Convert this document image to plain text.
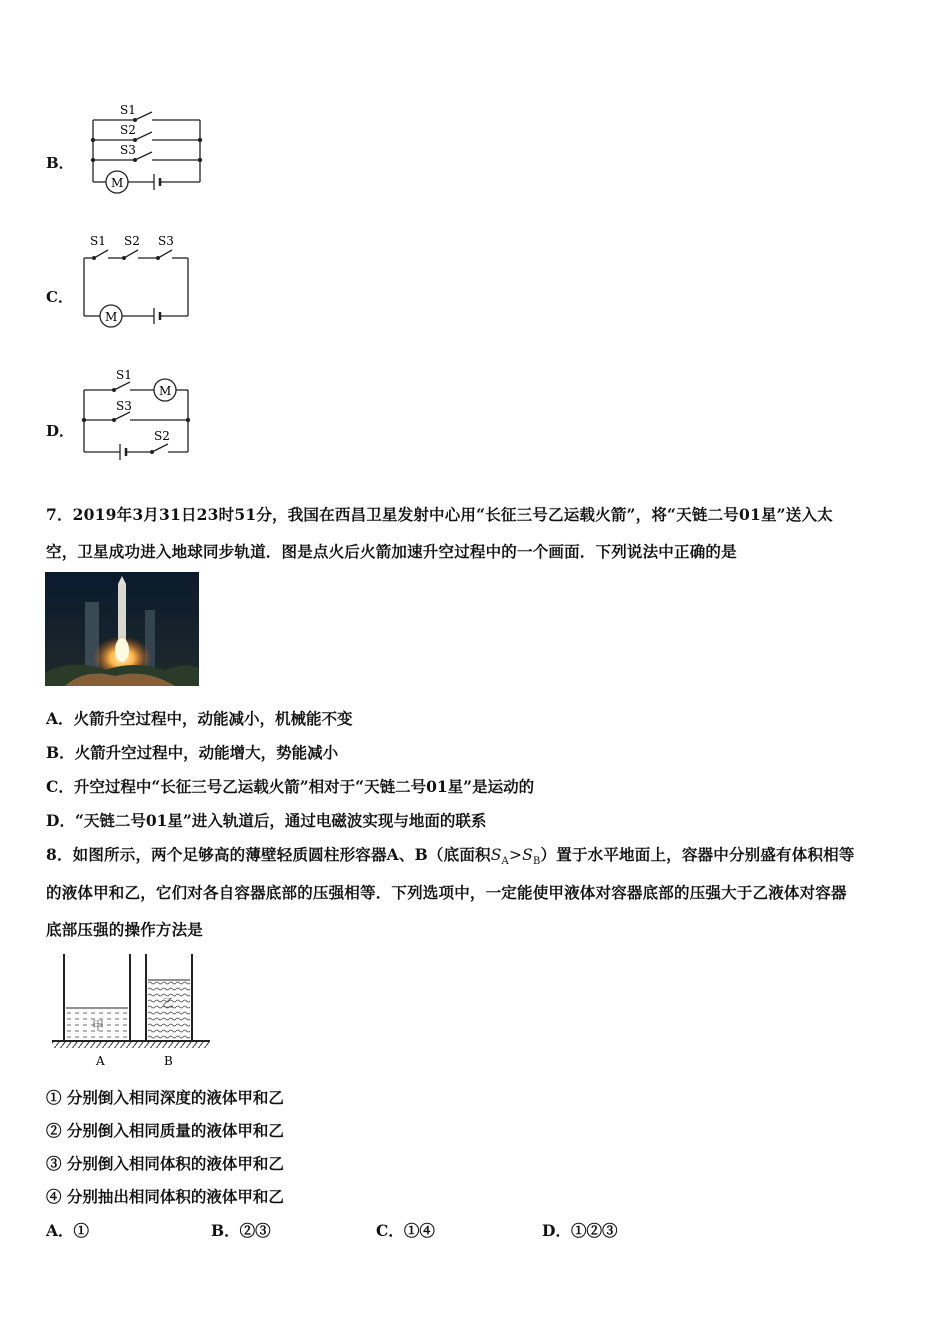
B．
S1
S2
S3
M
C．
S1 S2 S3
M
D．
S1
S3
S2
M
7．2019年3月31日23时51分，我国在西昌卫星发射中心用“长征三号乙运载火箭”，将“天链二号01星”送入太
空，卫星成功进入地球同步轨道．图是点火后火箭加速升空过程中的一个画面．下列说法中正确的是
A．火箭升空过程中，动能减小，机械能不变
B．火箭升空过程中，动能增大，势能减小
C．升空过程中“长征三号乙运载火箭”相对于“天链二号01星”是运动的
D．“天链二号01星”进入轨道后，通过电磁波实现与地面的联系
8．如图所示，两个足够高的薄壁轻质圆柱形容器A、B（底面积$S_A>S_B$）置于水平地面上，容器中分别盛有体积相等
的液体甲和乙，它们对各自容器底部的压强相等．下列选项中，一定能使甲液体对容器底部的压强大于乙液体对容器
底部压强的操作方法是
甲
乙
A	B
① 分别倒入相同深度的液体甲和乙
② 分别倒入相同质量的液体甲和乙
③ 分别倒入相同体积的液体甲和乙
④ 分别抽出相同体积的液体甲和乙
A．①	B．②③	C．①④	D．①②③
